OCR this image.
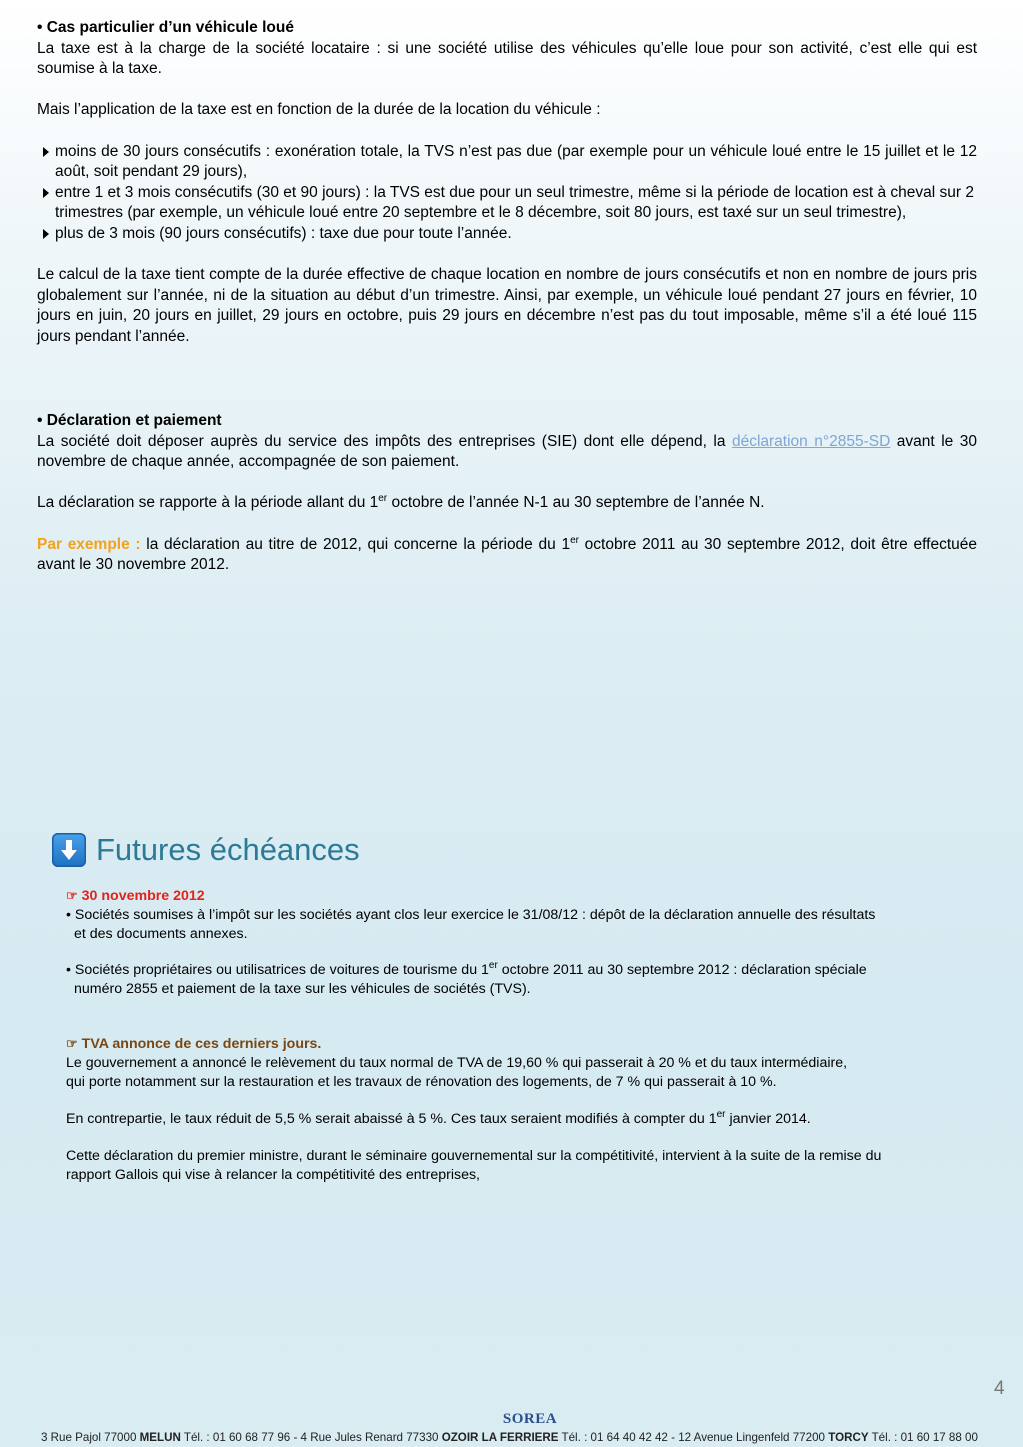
• Cas particulier d’un véhicule loué

La taxe est à la charge de la société locataire : si une société utilise des véhicules qu’elle loue pour son activité, c’est elle qui est soumise à la taxe.

Mais l’application de la taxe est en fonction de la durée de la location du véhicule :

moins de 30 jours consécutifs : exonération totale, la TVS n’est pas due (par exemple pour un véhicule loué entre le 15 juillet et le 12 août, soit pendant 29 jours),
entre 1 et 3 mois consécutifs (30 et 90 jours) : la TVS est due pour un seul trimestre, même si la période de location est à cheval sur 2 trimestres (par exemple, un véhicule loué entre 20 septembre et le 8 décembre, soit 80 jours, est taxé sur un seul trimestre),
plus de 3 mois (90 jours consécutifs) : taxe due pour toute l’année.

Le calcul de la taxe tient compte de la durée effective de chaque location en nombre de jours consécutifs et non en nombre de jours pris globalement sur l’année, ni de la situation au début d’un trimestre. Ainsi, par exemple, un véhicule loué pendant 27 jours en février, 10 jours en juin, 20 jours en juillet, 29 jours en octobre, puis 29 jours en décembre n’est pas du tout imposable, même s’il a été loué 115 jours pendant l’année.

• Déclaration et paiement

La société doit déposer auprès du service des impôts des entreprises (SIE) dont elle dépend, la déclaration n°2855-SD avant le 30 novembre de chaque année, accompagnée de son paiement.

La déclaration se rapporte à la période allant du 1er octobre de l’année N-1 au 30 septembre de l’année N.

Par exemple : la déclaration au titre de 2012, qui concerne la période du 1er octobre 2011 au 30 septembre 2012, doit être effectuée avant le 30 novembre 2012.

Futures échéances
☞ 30 novembre 2012
• Sociétés soumises à l’impôt sur les sociétés ayant clos leur exercice le 31/08/12 : dépôt de la déclaration annuelle des résultats
et des documents annexes.
• Sociétés propriétaires ou utilisatrices de voitures de tourisme du 1er octobre 2011 au 30 septembre 2012 : déclaration spéciale
numéro 2855 et paiement de la taxe sur les véhicules de sociétés (TVS).
☞ TVA annonce de ces derniers jours.
Le gouvernement a annoncé le relèvement du taux normal de TVA de 19,60 % qui passerait à 20 % et du taux intermédiaire,
qui porte notamment sur la restauration et les travaux de rénovation des logements, de 7 % qui passerait à 10 %.
En contrepartie, le taux réduit de 5,5 % serait abaissé à 5 %. Ces taux seraient modifiés à compter du 1er janvier 2014.
Cette déclaration du premier ministre, durant le séminaire gouvernemental sur la compétitivité, intervient à la suite de la remise du
rapport Gallois qui vise à relancer la compétitivité des entreprises,
4
SOREA
3 Rue Pajol 77000 MELUN Tél. : 01 60 68 77 96 - 4 Rue Jules Renard 77330 OZOIR LA FERRIERE Tél. : 01 64 40 42 42 - 12 Avenue Lingenfeld 77200 TORCY Tél. : 01 60 17 88 00
